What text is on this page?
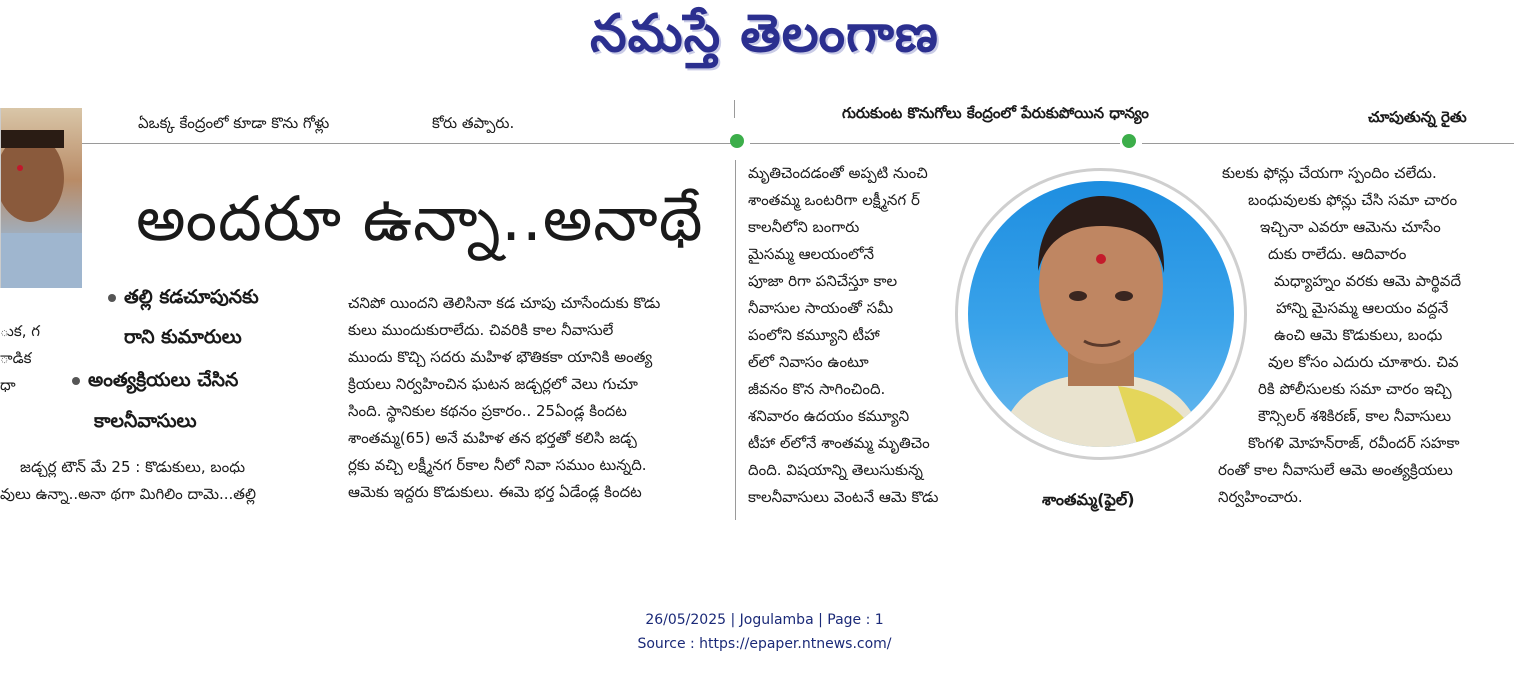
నమస్తే తెలంగాణ
ఏఒక్క కేంద్రంలో కూడా కొను గోళ్లు	కోరు తప్పారు.
గురుకుంట కొనుగోలు కేంద్రంలో పేరుకుపోయిన ధాన్యం	చూపుతున్న రైతు
అందరూ ఉన్నా..అనాథే
తల్లి కడచూపునకు
రాని కుమారులు
అంత్యక్రియలు చేసిన
కాలనీవాసులు
ుక, గ
ాడిక
ధా
జడ్చర్ల టౌన్‌ మే 25 : కొడుకులు, బంధు
వులు ఉన్నా..అనా థగా మిగిలిం దామె...తల్లి
చనిపో యిందని తెలిసినా కడ చూపు చూసేందుకు కొడు
కులు ముందుకురాలేదు. చివరికి కాల నీవాసులే
ముందు కొచ్చి సదరు మహిళ భౌతికకా యానికి అంత్య
క్రియలు నిర్వహించిన ఘటన జడ్చర్లలో వెలు గుచూ
సింది. స్థానికుల కథనం ప్రకారం.. 25ఏండ్ల కిందట
శాంతమ్మ(65) అనే మహిళ తన భర్తతో కలిసి జడ్చ
ర్లకు వచ్చి లక్ష్మీనగ ర్‌కాల నీలో నివా సముం టున్నది.
ఆమెకు ఇద్దరు కొడుకులు. ఈమె భర్త ఏడేండ్ల కిందట
మృతిచెందడంతో అప్పటి నుంచి
శాంతమ్మ ఒంటరిగా లక్ష్మీనగ ర్
కాలనీలోని బంగారు
మైసమ్మ ఆలయంలోనే
పూజా రిగా పనిచేస్తూ కాల
నీవాసుల సాయంతో సమీ
పంలోని కమ్యూని టీహా
ల్‌లో నివాసం ఉంటూ
జీవనం కొన సాగించింది.
శనివారం ఉదయం కమ్యూని
టీహా ల్‌లోనే శాంతమ్మ మృతిచెం
దింది. విషయాన్ని తెలుసుకున్న
కాలనీవాసులు వెంటనే ఆమె కొడు	శాంతమ్మ(ఫైల్‌)
కులకు ఫోన్లు చేయగా స్పందిం చలేదు.
బంధువులకు ఫోన్లు చేసి సమా చారం
ఇచ్చినా ఎవరూ ఆమెను చూసేం
దుకు రాలేదు. ఆదివారం
మధ్యాహ్నం వరకు ఆమె పార్థివదే
హాన్ని మైసమ్మ ఆలయం వద్దనే
ఉంచి ఆమె కొడుకులు, బంధు
వుల కోసం ఎదురు చూశారు. చివ
రికి పోలీసులకు సమా చారం ఇచ్చి
కౌన్సిలర్‌ శశికిరణ్‌, కాల నీవాసులు
కొంగళి మోహన్‌రాజ్‌, రవీందర్‌ సహకా
రంతో కాల నీవాసులే ఆమె అంత్యక్రియలు
నిర్వహించారు.
26/05/2025 | Jogulamba | Page : 1
Source : https://epaper.ntnews.com/
